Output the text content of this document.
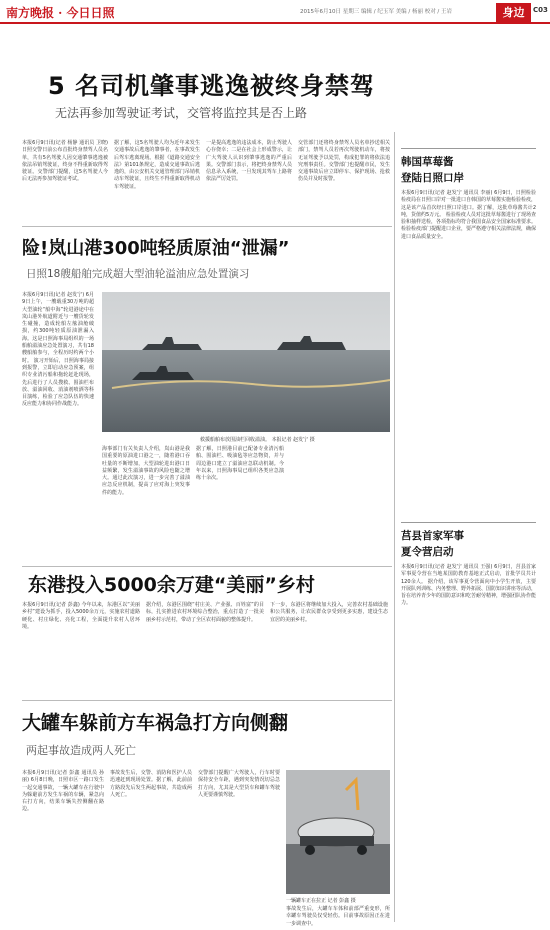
南方晚报 · 今日日照	2015年6月10日 星期三 编辑 / 纪玉军 美编 / 杨丽 校对 / 王岩	身边	C03
5 名司机肇事逃逸被终身禁驾
无法再参加驾驶证考试，交管将监控其是否上路
本报6月9日讯(记者 杨静 通讯员 卫晓) 日照交警日前公布首批终身禁驾人员名单，共有5名驾驶人因交通肇事逃逸被依法吊销驾驶证，终身不得重新取得驾驶证。交警部门提醒，这5名驾驶人今后无法再参加驾驶证考试。
据了解，这5名驾驶人均为近年来发生交通事故后逃逸的肇事者，在事故发生后驾车逃离现场。根据《道路交通安全法》第101条规定，造成交通事故后逃逸的，由公安机关交通管理部门吊销机动车驾驶证，且终生不得重新取得机动车驾驶证。
一是提高逃逸的违法成本，防止驾驶人心存侥幸；二是在社会上形成警示，让广大驾驶人认识到肇事逃逸的严重后果。交警部门表示，将把终身禁驾人员信息录入系统，一旦发现其驾车上路将依法严厉处罚。
交管部门还将终身禁驾人员名单抄送相关部门，禁驾人员若再次驾驶机动车，将按无证驾驶予以处罚，构成犯罪的将依法追究刑事责任。交警部门也提醒市民，发生交通事故后应立即停车、保护现场、抢救伤员并及时报警。
险!岚山港300吨轻质原油“泄漏”
日照18艘船舶完成超大型油轮溢油应急处置演习
本报6月9日讯(记者 赵发宁) 6月9日上午，一艘载重30万吨的超大型油轮“船中海”轮进港途中在岚山港外航道附近与一艘货轮发生碰撞，造成轮船左舷油舱破损，约300吨轻质原油泄漏入海。这是日照海事局组织的一场船舶溢油应急处置演习，共有18艘船舶参与，全程历时约两个小时。 演习开始后，日照海事局接到报警，立即启动应急预案，组织专业清污船和拖轮赶赴现场，先后进行了人员搜救、围油栏布放、溢油回收、消油剂喷洒等科目演练，检验了应急队伍的快速反应能力和协同作战能力。
救援船舶布放围油栏回收溢油。 本报记者 赵发宁 摄
海事部门有关负责人介绍，岚山港是我国重要的原油进口港之一，随着港口吞吐量的不断增加，大型油轮进出港口日益频繁，发生溢油事故的风险也随之增大。通过此次演习，进一步完善了溢油应急反应机制，提高了应对海上突发事件的能力。
据了解，日照港目前已配备专业清污船舶、围油栏、吸油毡等应急物资，并与周边港口建立了溢油应急联动机制。今年以来，日照海事局已组织各类应急演练十余次。
东港投入5000余万建“美丽”乡村
本报6月9日讯(记者 彭鑫) 今年以来，东港区以“美丽乡村”建设为抓手，投入5000余万元，实施农村道路硬化、村庄绿化、亮化工程，全面提升农村人居环境。
据介绍，东港区围绕“村庄美、产业强、百姓富”的目标，扎实推进农村环境综合整治，重点打造了一批美丽乡村示范村，带动了全区农村面貌的整体提升。
下一步，东港区将继续加大投入，完善农村基础设施和公共服务，让农民群众享受到更多实惠，建设生态宜居的美丽乡村。
大罐车躲前方车祸急打方向侧翻
两起事故造成两人死亡
本报6月9日讯(记者 彭鑫 通讯员 孙丽) 6月8日晚，日照市区一路口发生一起交通事故，一辆大罐车在行驶中为躲避前方发生车祸的车辆，紧急向右打方向，结果车辆失控侧翻在路边。
事故发生后，交警、消防和医护人员迅速赶到现场处置。据了解，此前前方路段先后发生两起事故，共造成两人死亡。
交警部门提醒广大驾驶人，行车时要保持安全车距，遇到突发情况切忌急打方向，尤其是大型货车和罐车驾驶人更要谨慎驾驶。
一辆罐车正在拉正 记者 彭鑫 摄
事故发生后，大罐车车体和前部严重变形，所幸罐车驾驶员仅受轻伤。目前事故原因正在进一步调查中。
韩国草莓酱
登陆日照口岸
本报6月9日讯(记者 赵发宁 通讯员 李丽) 6月9日，日照检验检疫局在日照口岸对一批进口自韩国的草莓酱实施检验检疫，这是该产品首次经日照口岸进口。据了解，这批草莓酱共计2吨，货值约5万元。 检验检疫人员对这批草莓酱进行了现场查验和抽样送检，各项指标均符合我国食品安全国家标准要求。检验检疫部门提醒进口企业，要严格遵守相关法律法规，确保进口食品质量安全。
莒县首家军事
夏令营启动
本报6月9日讯(记者 赵发宁 通讯员 王强) 6月9日，莒县首家军事夏令营在当地某国防教育基地正式启动，首批学员共计120余人。 据介绍，该军事夏令营面向中小学生开放，主要开展队列训练、内务整理、野外拓展、国防知识讲座等活动，旨在培养青少年的国防意识和吃苦耐劳精神，增强团队协作能力。
